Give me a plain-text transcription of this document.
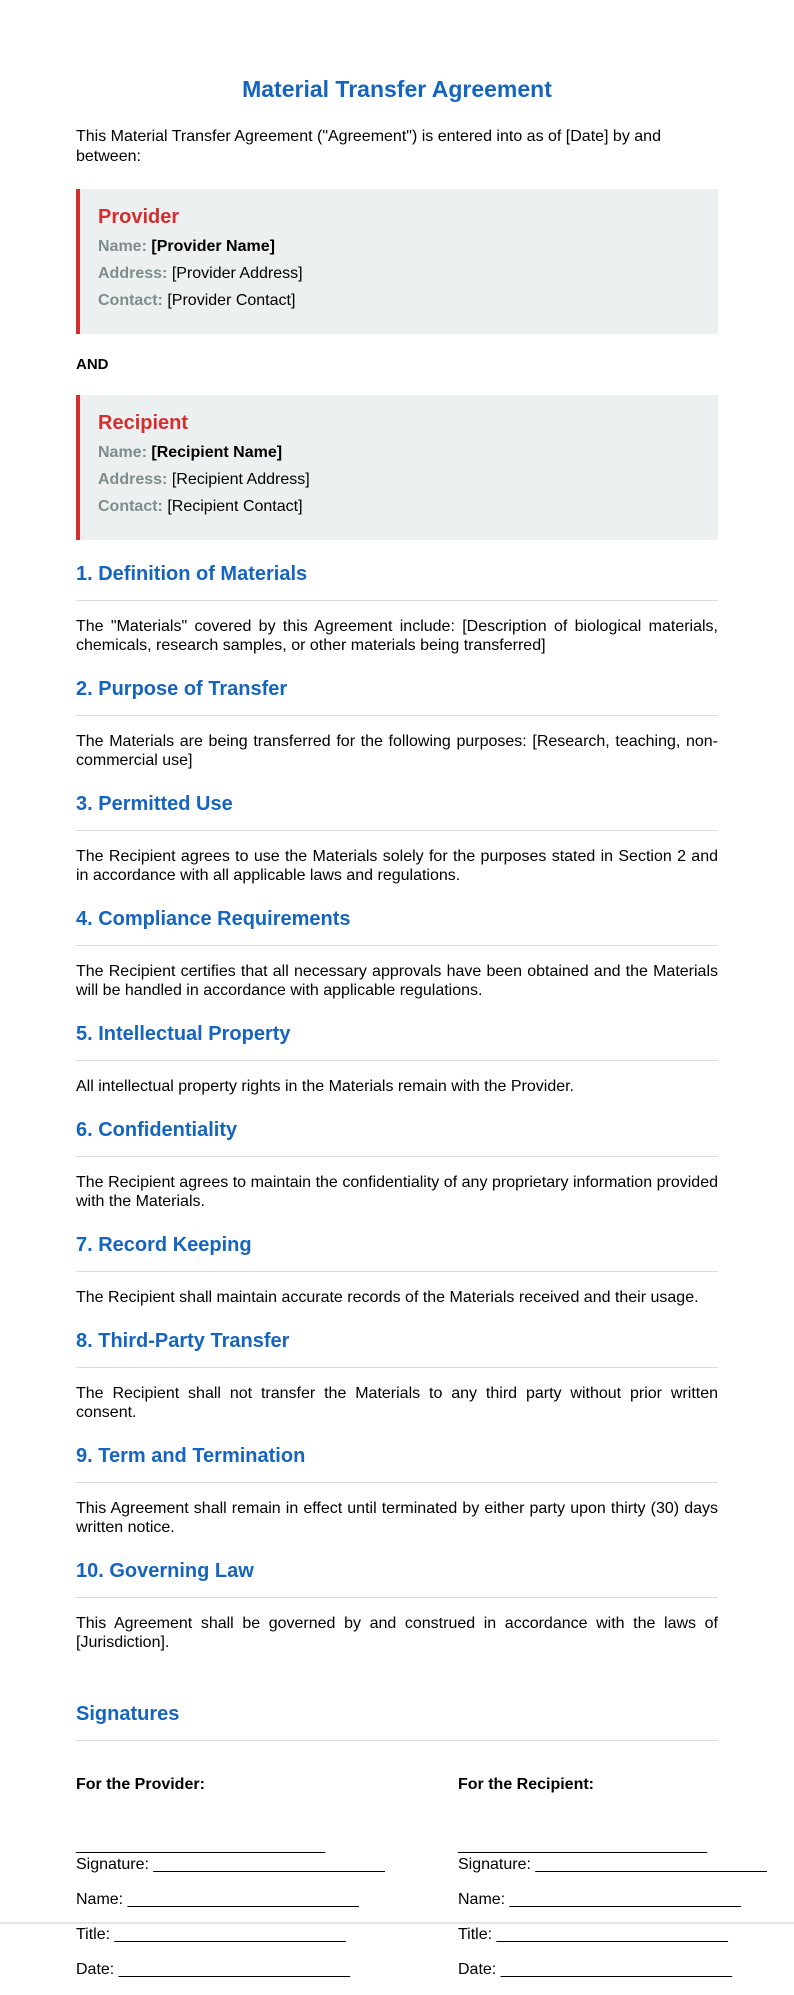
Material Transfer Agreement

This Material Transfer Agreement ("Agreement") is entered into as of [Date] by and between:

Provider
Name: [Provider Name]
Address: [Provider Address]
Contact: [Provider Contact]
AND
Recipient
Name: [Recipient Name]
Address: [Recipient Address]
Contact: [Recipient Contact]
1. Definition of Materials

The "Materials" covered by this Agreement include: [Description of biological materials, chemicals, research samples, or other materials being transferred]

2. Purpose of Transfer

The Materials are being transferred for the following purposes: [Research, teaching, non-commercial use]

3. Permitted Use

The Recipient agrees to use the Materials solely for the purposes stated in Section 2 and in accordance with all applicable laws and regulations.

4. Compliance Requirements

The Recipient certifies that all necessary approvals have been obtained and the Materials will be handled in accordance with applicable regulations.

5. Intellectual Property

All intellectual property rights in the Materials remain with the Provider.

6. Confidentiality

The Recipient agrees to maintain the confidentiality of any proprietary information provided with the Materials.

7. Record Keeping

The Recipient shall maintain accurate records of the Materials received and their usage.

8. Third-Party Transfer

The Recipient shall not transfer the Materials to any third party without prior written consent.

9. Term and Termination

This Agreement shall remain in effect until terminated by either party upon thirty (30) days written notice.

10. Governing Law

This Agreement shall be governed by and construed in accordance with the laws of [Jurisdiction].

Signatures

For the Provider:

____________________________

Signature: __________________________

Name: __________________________

Title: __________________________

Date: __________________________

For the Recipient:

____________________________

Signature: __________________________

Name: __________________________

Title: __________________________

Date: __________________________
